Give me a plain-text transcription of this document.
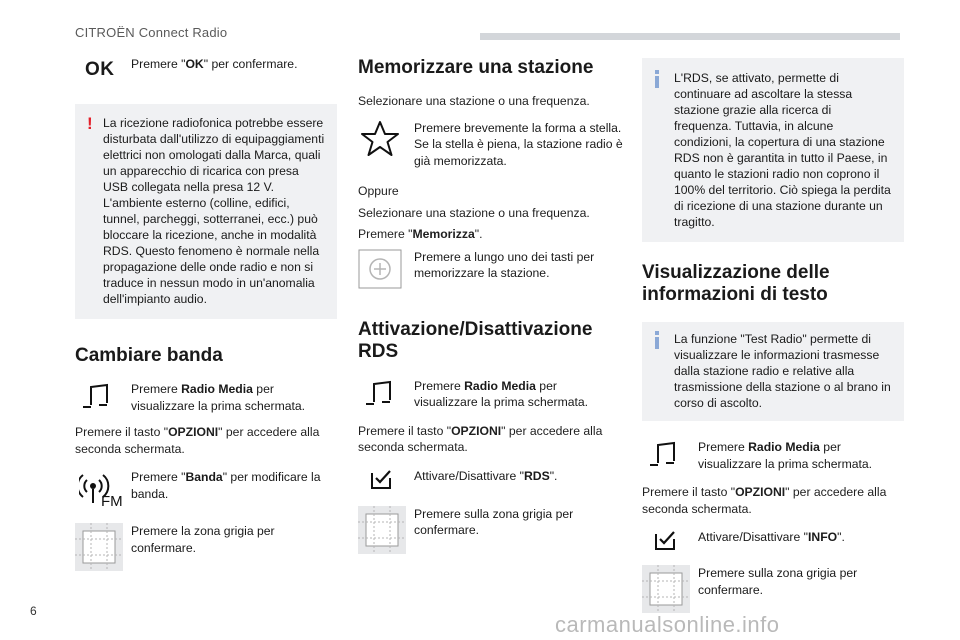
CITROËN Connect Radio
OK Premere "OK" per confermare.
! La ricezione radiofonica potrebbe essere disturbata dall'utilizzo di equipaggiamenti elettrici non omologati dalla Marca, quali un apparecchio di ricarica con presa USB collegata nella presa 12 V.
L'ambiente esterno (colline, edifici, tunnel, parcheggi, sotterranei, ecc.) può bloccare la ricezione, anche in modalità RDS. Questo fenomeno è normale nella propagazione delle onde radio e non si traduce in nessun modo in un'anomalia dell'impianto audio.
Cambiare banda
Premere Radio Media per visualizzare la prima schermata.

Premere il tasto "OPZIONI" per accedere alla seconda schermata.

FM
Premere "Banda" per modificare la banda.
Premere la zona grigia per confermare.
Memorizzare una stazione

Selezionare una stazione o una frequenza.

Premere brevemente la forma a stella. Se la stella è piena, la stazione radio è già memorizzata.

Oppure

Selezionare una stazione o una frequenza.

Premere "Memorizza".

Premere a lungo uno dei tasti per memorizzare la stazione.
Attivazione/Disattivazione RDS
Premere Radio Media per visualizzare la prima schermata.

Premere il tasto "OPZIONI" per accedere alla seconda schermata.

Attivare/Disattivare "RDS".
Premere sulla zona grigia per confermare.
L'RDS, se attivato, permette di continuare ad ascoltare la stessa stazione grazie alla ricerca di frequenza. Tuttavia, in alcune condizioni, la copertura di una stazione RDS non è garantita in tutto il Paese, in quanto le stazioni radio non coprono il 100% del territorio. Ciò spiega la perdita di ricezione di una stazione durante un tragitto.
Visualizzazione delle informazioni di testo
La funzione "Test Radio" permette di visualizzare le informazioni trasmesse dalla stazione radio e relative alla trasmissione della stazione o al brano in corso di ascolto.
Premere Radio Media per visualizzare la prima schermata.

Premere il tasto "OPZIONI" per accedere alla seconda schermata.

Attivare/Disattivare "INFO".
Premere sulla zona grigia per confermare.
6
carmanualsonline.info
